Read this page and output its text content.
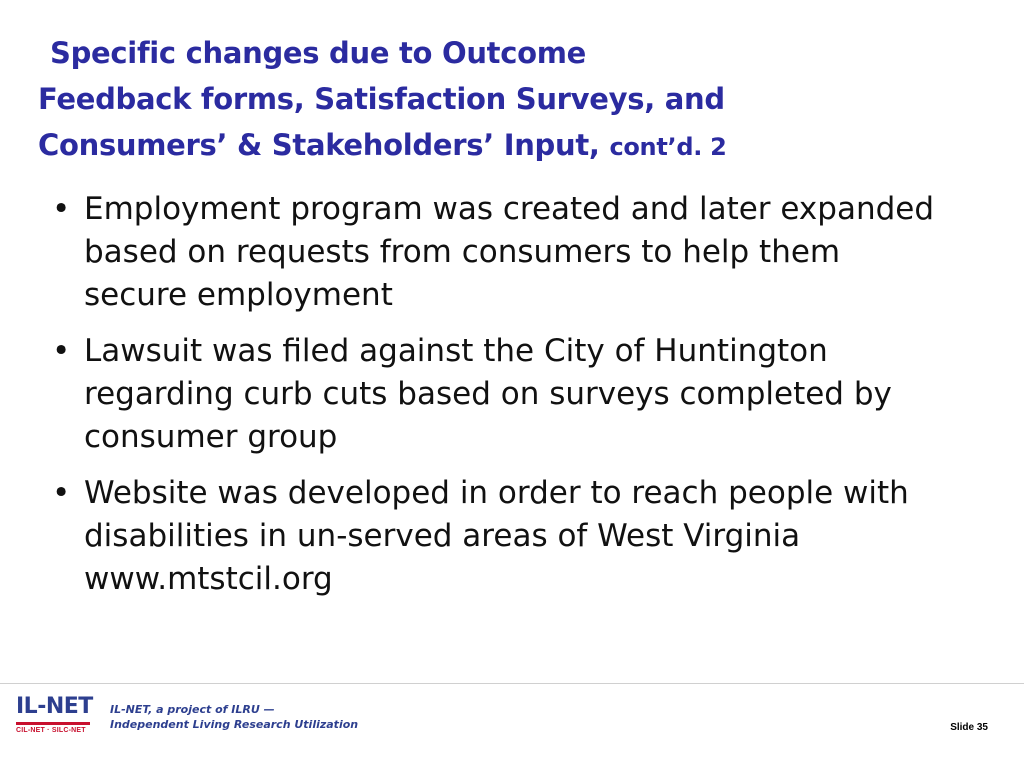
Specific changes due to Outcome
Feedback forms, Satisfaction Surveys, and
Consumers’ & Stakeholders’ Input, cont’d. 2
• Employment program was created and later expanded
based on requests from consumers to help them
secure employment
• Lawsuit was filed against the City of Huntington
regarding curb cuts based on surveys completed by
consumer group
• Website was developed in order to reach people with
disabilities in un-served areas of West Virginia
www.mtstcil.org
IL-NET
CIL-NET · SILC-NET
IL-NET, a project of ILRU —
Independent Living Research Utilization	Slide 35
